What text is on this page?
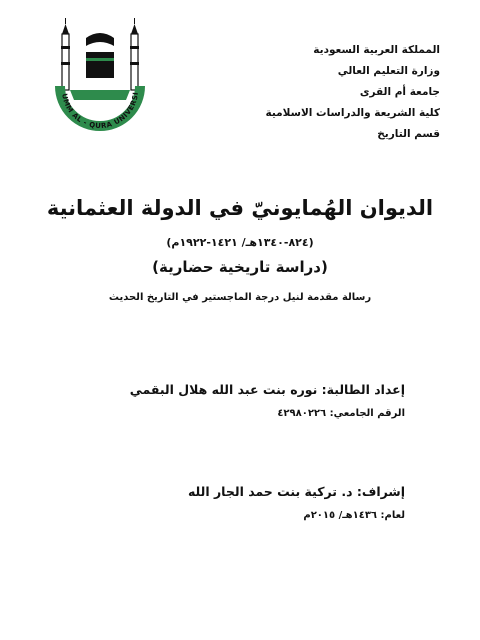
UMM AL - QURA UNIVERSI
المملكة العربية السعودية
وزارة التعليم العالي
جامعة أم القرى
كلية الشريعة والدراسات الاسلامية
قسم التاريخ
الديوان الهُمايونيّ في الدولة العثمانية
(٨٢٤-١٣٤٠هـ/ ١٤٢١-١٩٢٢م)
(دراسة تاريخية حضارية)
رسالة مقدمة لنيل درجة الماجستير في التاريخ الحديث
إعداد الطالبة: نوره بنت عبد الله هلال البقمي
الرقم الجامعي: ٤٢٩٨٠٢٢٦
إشراف: د. تركية بنت حمد الجار الله
لعام: ١٤٣٦هـ/ ٢٠١٥م
